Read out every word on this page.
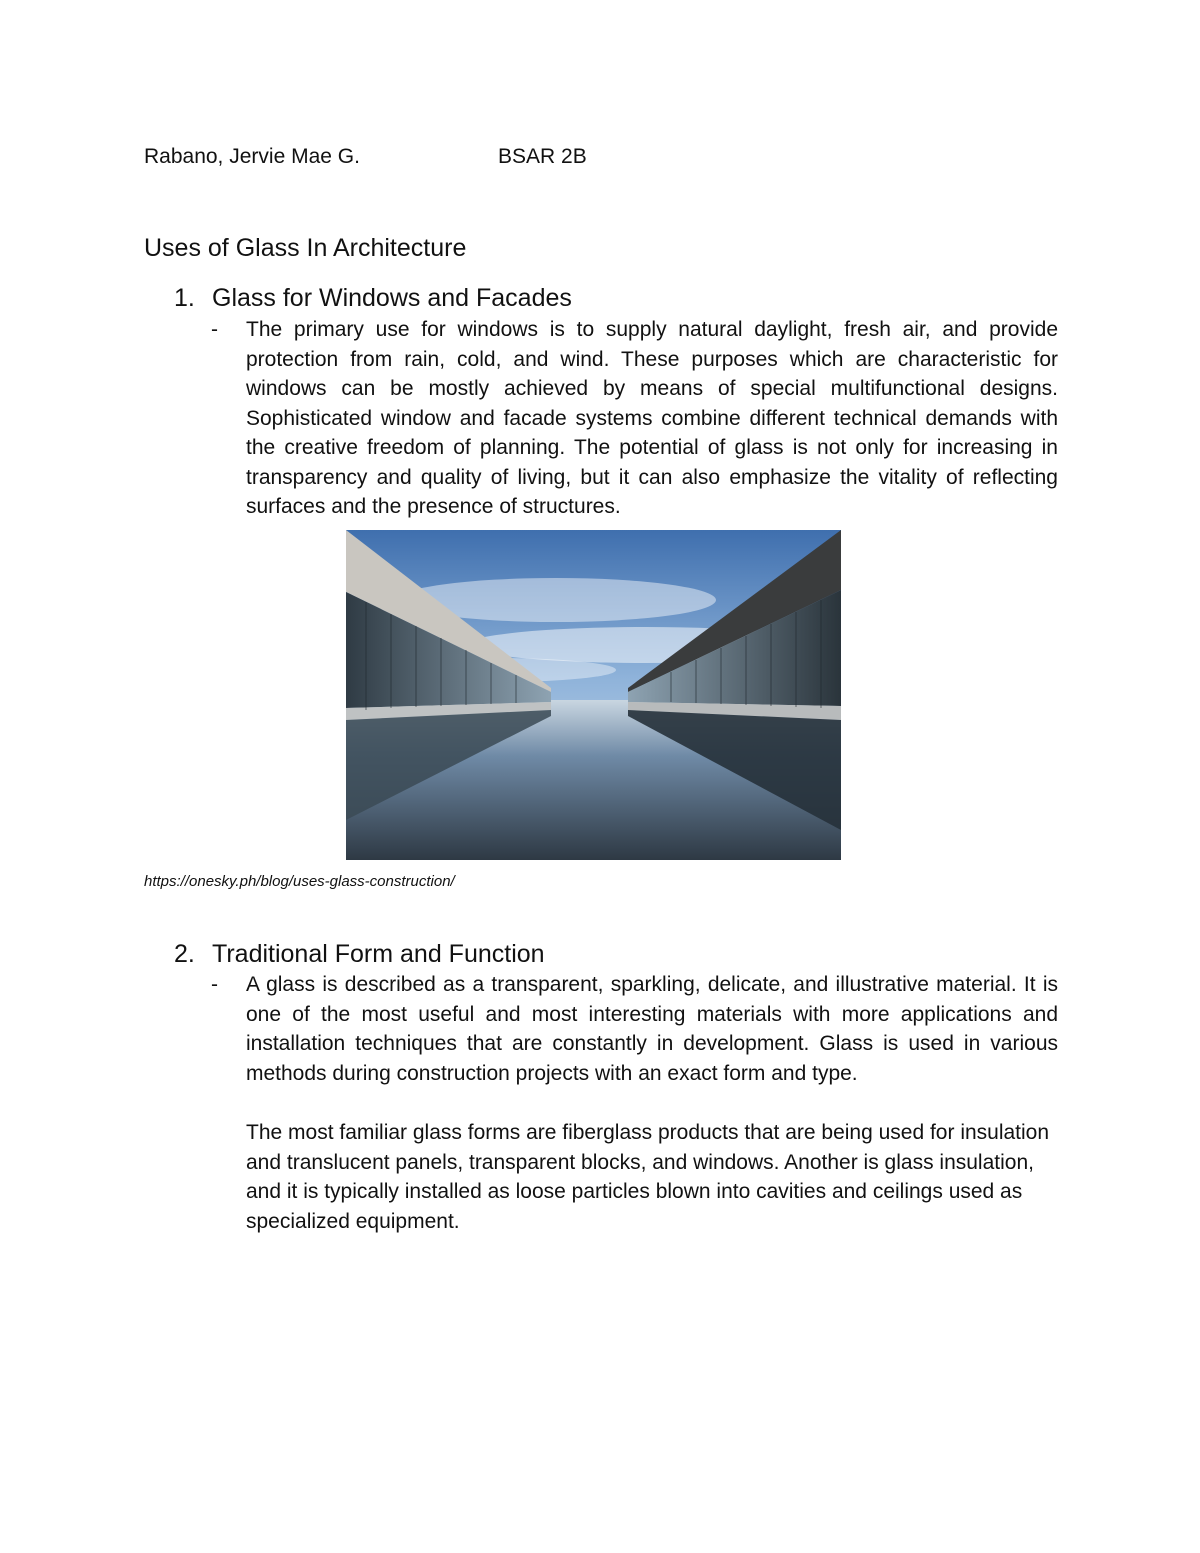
Rabano, Jervie Mae G.	BSAR 2B
Uses of Glass In Architecture
1. Glass for Windows and Facades
- The primary use for windows is to supply natural daylight, fresh air, and provide protection from rain, cold, and wind. These purposes which are characteristic for windows can be mostly achieved by means of special multifunctional designs. Sophisticated window and facade systems combine different technical demands with the creative freedom of planning. The potential of glass is not only for increasing in transparency and quality of living, but it can also emphasize the vitality of reflecting surfaces and the presence of structures.

https://onesky.ph/blog/uses-glass-construction/
2. Traditional Form and Function
- A glass is described as a transparent, sparkling, delicate, and illustrative material. It is one of the most useful and most interesting materials with more applications and installation techniques that are constantly in development. Glass is used in various methods during construction projects with an exact form and type.

The most familiar glass forms are fiberglass products that are being used for insulation and translucent panels, transparent blocks, and windows. Another is glass insulation, and it is typically installed as loose particles blown into cavities and ceilings used as specialized equipment.
